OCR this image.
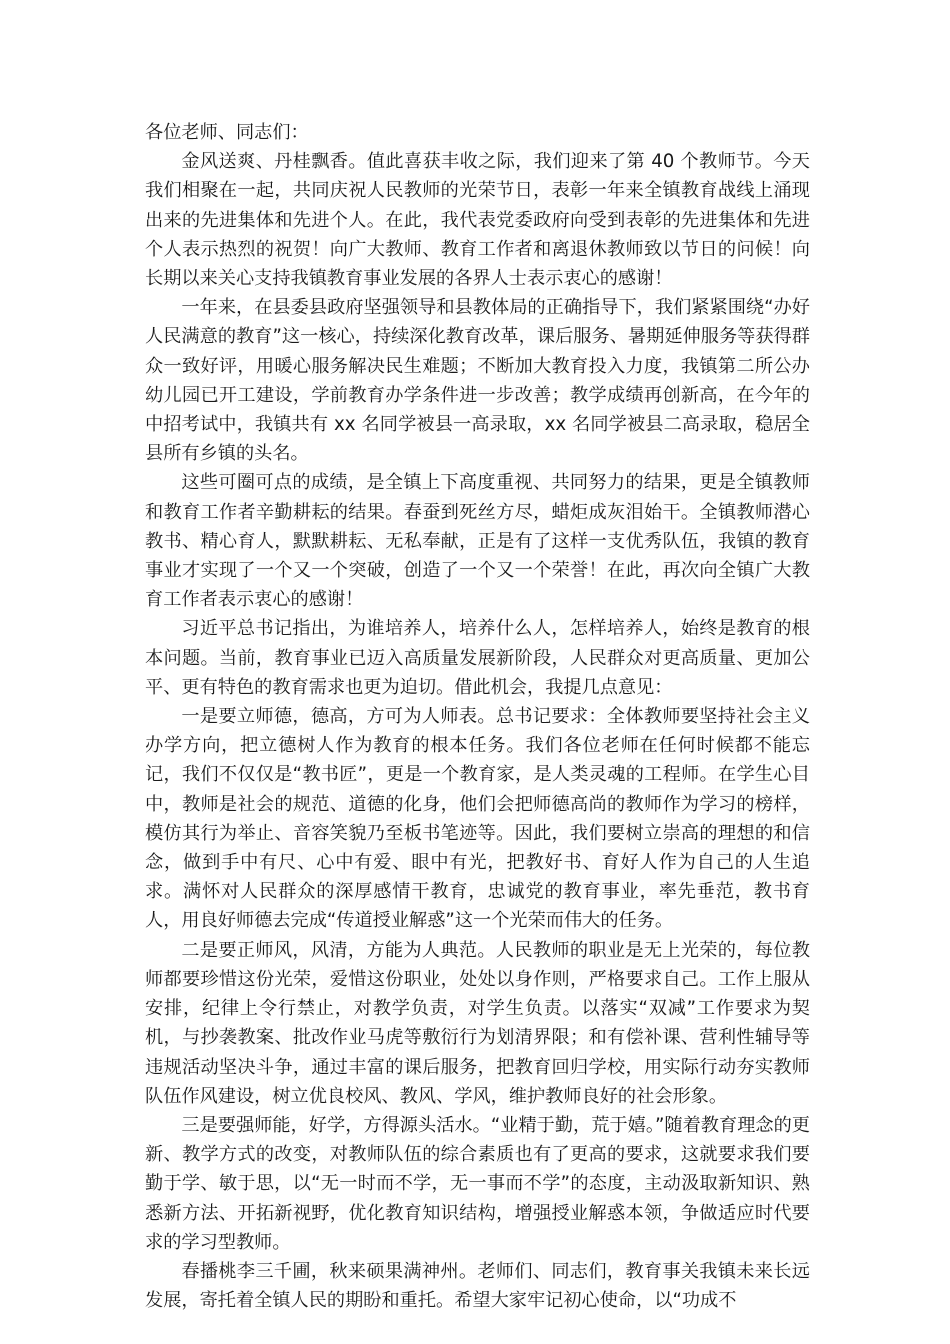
各位老师、同志们：

金风送爽、丹桂飘香。值此喜获丰收之际，我们迎来了第 40 个教师节。今天我们相聚在一起，共同庆祝人民教师的光荣节日，表彰一年来全镇教育战线上涌现出来的先进集体和先进个人。在此，我代表党委政府向受到表彰的先进集体和先进个人表示热烈的祝贺！向广大教师、教育工作者和离退休教师致以节日的问候！向长期以来关心支持我镇教育事业发展的各界人士表示衷心的感谢！

一年来，在县委县政府坚强领导和县教体局的正确指导下，我们紧紧围绕“办好人民满意的教育”这一核心，持续深化教育改革，课后服务、暑期延伸服务等获得群众一致好评，用暖心服务解决民生难题；不断加大教育投入力度，我镇第二所公办幼儿园已开工建设，学前教育办学条件进一步改善；教学成绩再创新高，在今年的中招考试中，我镇共有 xx 名同学被县一高录取，xx 名同学被县二高录取，稳居全县所有乡镇的头名。

这些可圈可点的成绩，是全镇上下高度重视、共同努力的结果，更是全镇教师和教育工作者辛勤耕耘的结果。春蚕到死丝方尽，蜡炬成灰泪始干。全镇教师潜心教书、精心育人，默默耕耘、无私奉献，正是有了这样一支优秀队伍，我镇的教育事业才实现了一个又一个突破，创造了一个又一个荣誉！在此，再次向全镇广大教育工作者表示衷心的感谢！

习近平总书记指出，为谁培养人，培养什么人，怎样培养人，始终是教育的根本问题。当前，教育事业已迈入高质量发展新阶段，人民群众对更高质量、更加公平、更有特色的教育需求也更为迫切。借此机会，我提几点意见：

一是要立师德，德高，方可为人师表。总书记要求：全体教师要坚持社会主义办学方向，把立德树人作为教育的根本任务。我们各位老师在任何时候都不能忘记，我们不仅仅是“教书匠”，更是一个教育家，是人类灵魂的工程师。在学生心目中，教师是社会的规范、道德的化身，他们会把师德高尚的教师作为学习的榜样，模仿其行为举止、音容笑貌乃至板书笔迹等。因此，我们要树立崇高的理想的和信念，做到手中有尺、心中有爱、眼中有光，把教好书、育好人作为自己的人生追求。满怀对人民群众的深厚感情干教育，忠诚党的教育事业，率先垂范，教书育人，用良好师德去完成“传道授业解惑”这一个光荣而伟大的任务。

二是要正师风，风清，方能为人典范。人民教师的职业是无上光荣的，每位教师都要珍惜这份光荣，爱惜这份职业，处处以身作则，严格要求自己。工作上服从安排，纪律上令行禁止，对教学负责，对学生负责。以落实“双减”工作要求为契机，与抄袭教案、批改作业马虎等敷衍行为划清界限；和有偿补课、营利性辅导等违规活动坚决斗争，通过丰富的课后服务，把教育回归学校，用实际行动夯实教师队伍作风建设，树立优良校风、教风、学风，维护教师良好的社会形象。

三是要强师能，好学，方得源头活水。“业精于勤，荒于嬉。”随着教育理念的更新、教学方式的改变，对教师队伍的综合素质也有了更高的要求，这就要求我们要勤于学、敏于思，以“无一时而不学，无一事而不学”的态度，主动汲取新知识、熟悉新方法、开拓新视野，优化教育知识结构，增强授业解惑本领，争做适应时代要求的学习型教师。

春播桃李三千圃，秋来硕果满神州。老师们、同志们，教育事关我镇未来长远发展，寄托着全镇人民的期盼和重托。希望大家牢记初心使命，以“功成不
